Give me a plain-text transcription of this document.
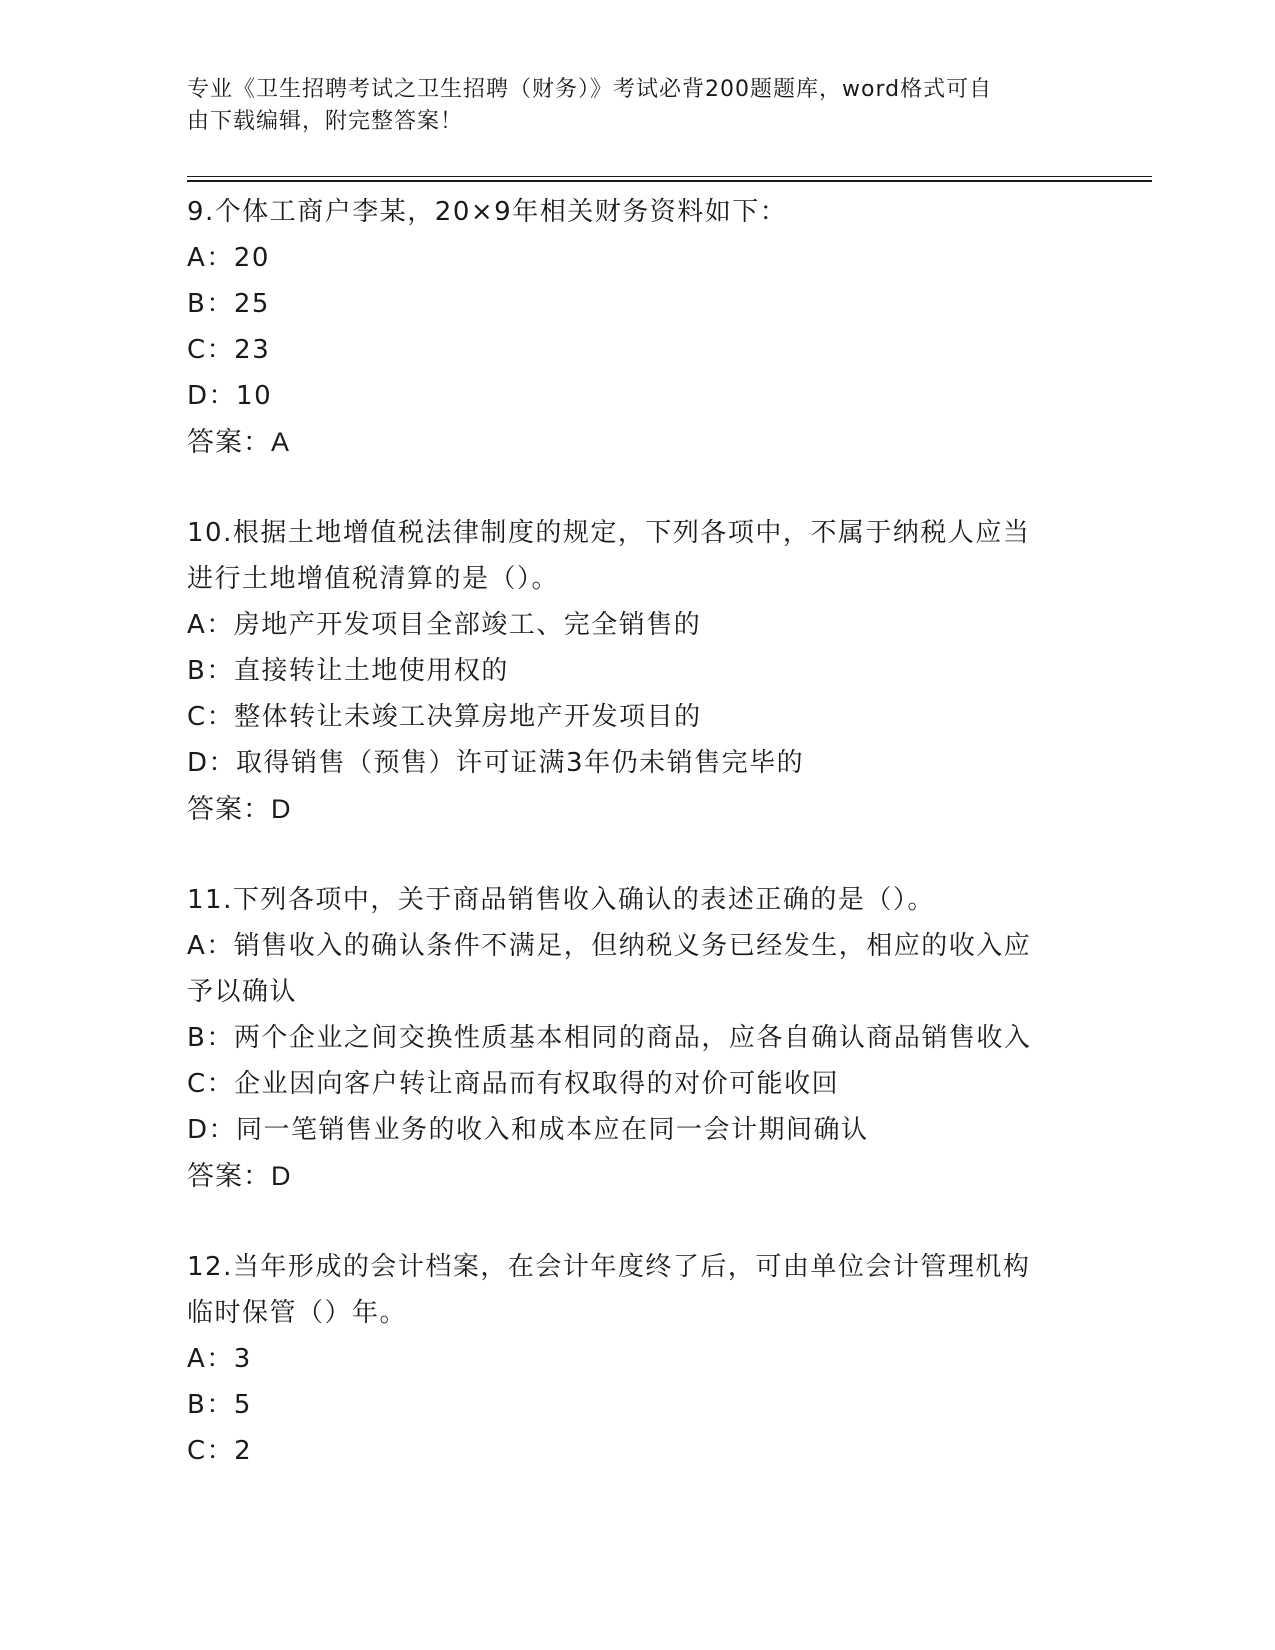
专业《卫生招聘考试之卫生招聘（财务）》考试必背200题题库，word格式可自
由下载编辑，附完整答案！
9.个体工商户李某，20×9年相关财务资料如下：
A：20
B：25
C：23
D：10
答案：A
10.根据土地增值税法律制度的规定，下列各项中，不属于纳税人应当
进行土地增值税清算的是（）。
A：房地产开发项目全部竣工、完全销售的
B：直接转让土地使用权的
C：整体转让未竣工决算房地产开发项目的
D：取得销售（预售）许可证满3年仍未销售完毕的
答案：D
11.下列各项中，关于商品销售收入确认的表述正确的是（）。
A：销售收入的确认条件不满足，但纳税义务已经发生，相应的收入应
予以确认
B：两个企业之间交换性质基本相同的商品，应各自确认商品销售收入
C：企业因向客户转让商品而有权取得的对价可能收回
D：同一笔销售业务的收入和成本应在同一会计期间确认
答案：D
12.当年形成的会计档案，在会计年度终了后，可由单位会计管理机构
临时保管（）年。
A：3
B：5
C：2
